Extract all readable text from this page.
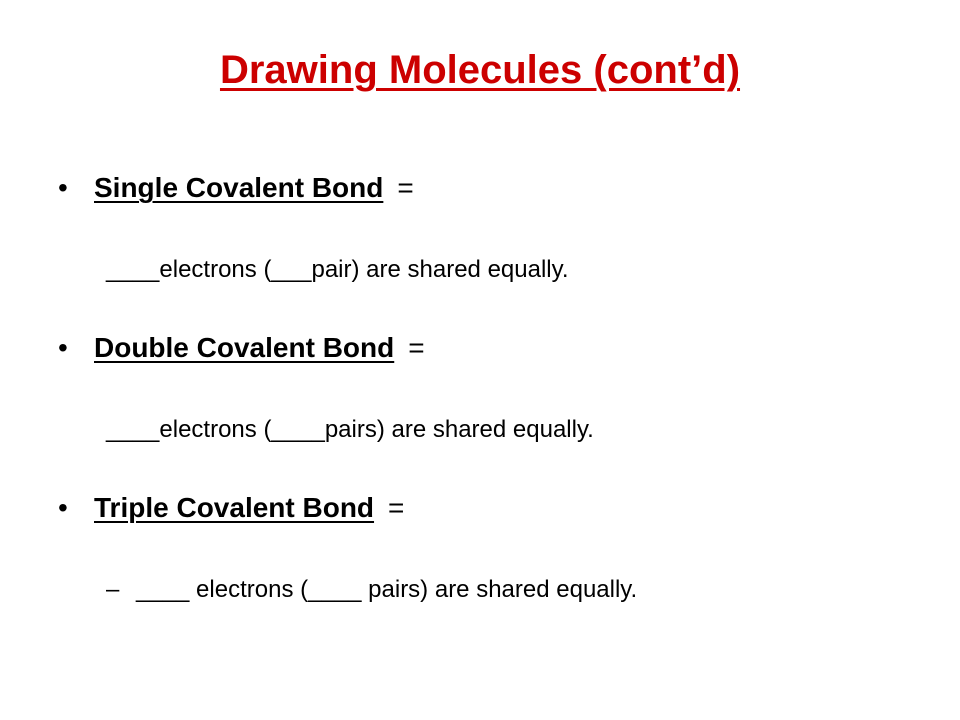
Drawing Molecules (cont’d)
• Single Covalent Bond =
____electrons (___pair) are shared equally.
• Double Covalent Bond =
____electrons (____pairs) are shared equally.
• Triple Covalent Bond =
– ____ electrons (____ pairs) are shared equally.
